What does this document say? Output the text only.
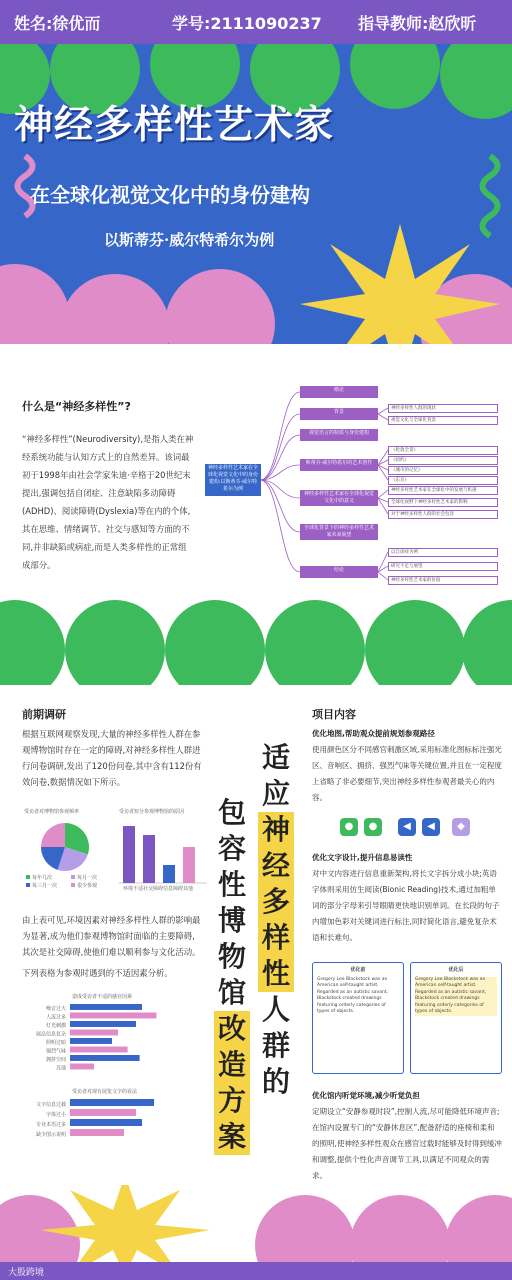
姓名:徐优而	学号:2111090237 指导教师:赵欣昕
神经多样性艺术家
在全球化视觉文化中的身份建构
以斯蒂芬·威尔特希尔为例
什么是“神经多样性”?
“神经多样性”(Neurodiversity),是指人类在神经系统功能与认知方式上的自然差异。该词最初于1998年由社会学家朱迪·辛格于20世纪末提出,强调包括自闭症、注意缺陷多动障碍(ADHD)、阅读障碍(Dyslexia)等在内的个体,其在思维、情绪调节、社交与感知等方面的不同,并非缺陷或病症,而是人类多样性的正常组成部分。
神经多样性艺术家在全球化视觉文化中的身份建构:以斯蒂芬·威尔特希尔为例
绪论
背景
视觉语言的特质与身份建构
斯蒂芬·威尔特希尔的艺术创作
神经多样性艺术家在全球化视觉文化中的意义
全球化背景下的神经多样性艺术家未来展望
结论
神经多样性人群的现状
视觉文化与全球化背景
《伦敦全景》
《纽约》
《城市的记忆》
《东京》
神经多样性艺术家在全球化中的发展与机遇
全球化视野下神经多样性艺术家的影响
对于神经多样性人群的社会包容
以自闭症为例
研究不足与展望
神经多样性艺术家的价值
前期调研
根据互联网观察发现,大量的神经多样性人群在参观博物馆时存在一定的障碍,对神经多样性人群进行问卷调研,发出了120份问卷,其中含有112份有效问卷,数据情况如下所示。
受访者对博物馆参观频率
每年几次	每月一次
每三月一次	很少参观
受访者短分参观博物馆的原因
环境不适 社交障碍 信息障碍 其他
由上表可见,环境因素对神经多样性人群的影响最为显著,成为他们参观博物馆时面临的主要障碍,其次是社交障碍,使他们难以顺利参与文化活动。
下列表格为参观时遇到的不适因素分析。
造成受访者不适的感官因素
噪音过大
人流过多
灯光刺激
展品信息复杂
照明过暗
强烈气味
拥挤空间
其他
受访者对现有展览文字的看法
文字信息过载
字体过小
专业术语过多
缺少图示说明
包
容
性
博
物
馆
改
造
方
案
适
应
神
经
多
样
性
人
群
的
项目内容
优化地图,帮助观众提前规划参观路径
使用颜色区分不同感官刺激区域,采用标准化图标标注强光区、音响区、拥挤、强烈气味等关键位置,并且在一定程度上省略了非必要细节,突出神经多样性参观者最关心的内容。
●	●	◀	◀	◆
优化文字设计,提升信息易读性
对中文内容进行信息重新架构,将长文字拆分成小块;英语字体则采用仿生阅读(Bionic Reading)技术,通过加粗单词的部分字母来引导眼睛更快地识别单词。在长段的句子内增加色彩对关键词进行标注,同时简化语言,避免复杂术语和长难句。
优化前
Gregory Lee Blackstock was an American self-taught artist. Regarded as an autistic savant, Blackstock created drawings featuring orderly categories of types of objects.
优化后
Gregory Lee Blackstock was an American self-taught artist. Regarded as an autistic savant, Blackstock created drawings featuring orderly categories of types of objects.
优化馆内听觉环境,减少听觉负担
定期设立“安静参观时段”,控制人流,尽可能降低环境声音;在馆内设置专门的“安静休息区”,配备舒适的座椅和柔和的照明,使神经多样性观众在感官过载时能够及时得到缓冲和调整,提供个性化声音调节工具,以满足不同观众的需求。
大股跨境
